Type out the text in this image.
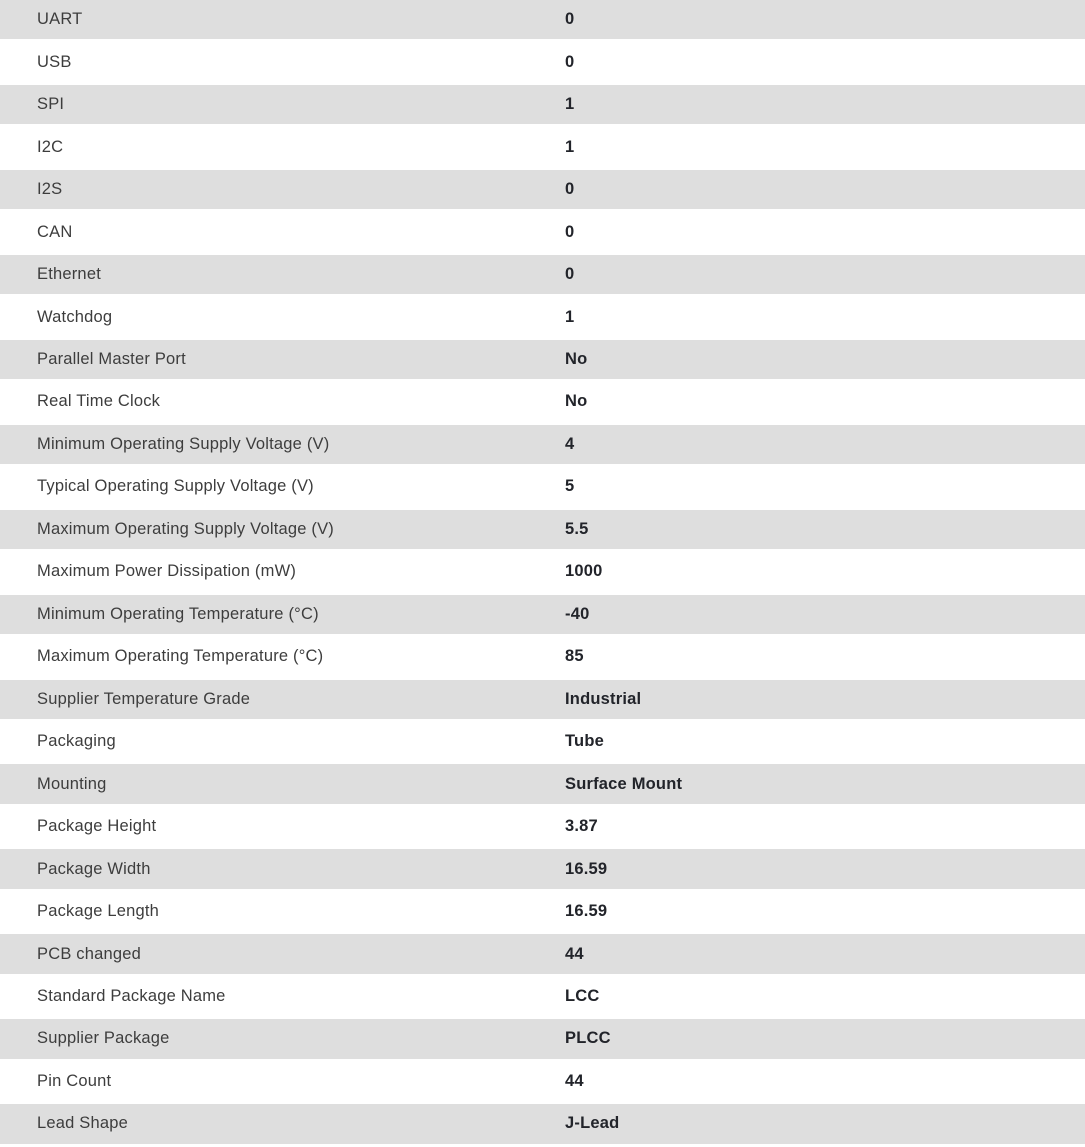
UART	0
USB	0
SPI	1
I2C	1
I2S	0
CAN	0
Ethernet	0
Watchdog	1
Parallel Master Port	No
Real Time Clock	No
Minimum Operating Supply Voltage (V)	4
Typical Operating Supply Voltage (V)	5
Maximum Operating Supply Voltage (V)	5.5
Maximum Power Dissipation (mW)	1000
Minimum Operating Temperature (°C)	-40
Maximum Operating Temperature (°C)	85
Supplier Temperature Grade	Industrial
Packaging	Tube
Mounting	Surface Mount
Package Height	3.87
Package Width	16.59
Package Length	16.59
PCB changed	44
Standard Package Name	LCC
Supplier Package	PLCC
Pin Count	44
Lead Shape	J-Lead
